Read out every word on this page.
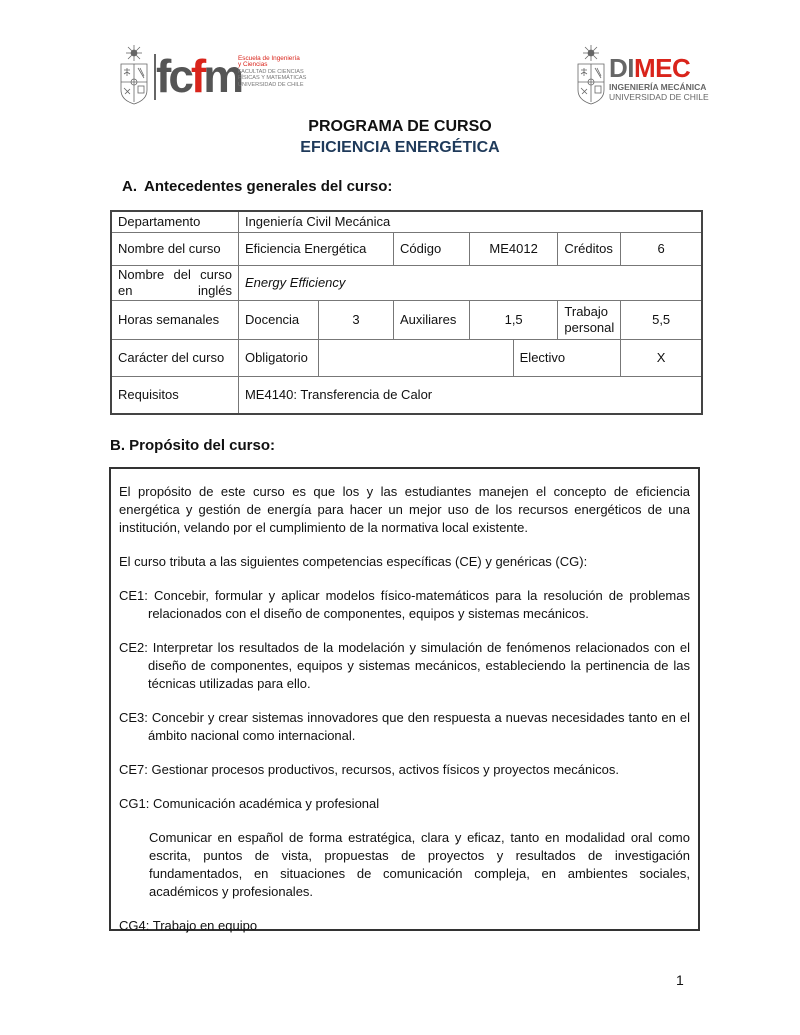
fcfm
Escuela de Ingeniería
y Ciencias
FACULTAD DE CIENCIAS
FÍSICAS Y MATEMÁTICAS
UNIVERSIDAD DE CHILE
DIMEC
INGENIERÍA MECÁNICA
UNIVERSIDAD DE CHILE
PROGRAMA DE CURSO
EFICIENCIA ENERGÉTICA
A. Antecedentes generales del curso:
Departamento	Ingeniería Civil Mecánica						
Nombre del curso	Eficiencia Energética		Código	ME4012		Créditos	6
Nombre del curso en inglés	Energy Efficiency						
Horas semanales	Docencia	3	Auxiliares	1,5		Trabajo personal	5,5
Carácter del curso	Obligatorio				Electivo		X
Requisitos	ME4140: Transferencia de Calor						
B. Propósito del curso:

El propósito de este curso es que los y las estudiantes manejen el concepto de eficiencia energética y gestión de energía para hacer un mejor uso de los recursos energéticos de una institución, velando por el cumplimiento de la normativa local existente.

El curso tributa a las siguientes competencias específicas (CE) y genéricas (CG):

CE1: Concebir, formular y aplicar modelos físico-matemáticos para la resolución de problemas relacionados con el diseño de componentes, equipos y sistemas mecánicos.

CE2: Interpretar los resultados de la modelación y simulación de fenómenos relacionados con el diseño de componentes, equipos y sistemas mecánicos, estableciendo la pertinencia de las técnicas utilizadas para ello.

CE3: Concebir y crear sistemas innovadores que den respuesta a nuevas necesidades tanto en el ámbito nacional como internacional.

CE7: Gestionar procesos productivos, recursos, activos físicos y proyectos mecánicos.

CG1: Comunicación académica y profesional

Comunicar en español de forma estratégica, clara y eficaz, tanto en modalidad oral como escrita, puntos de vista, propuestas de proyectos y resultados de investigación fundamentados, en situaciones de comunicación compleja, en ambientes sociales, académicos y profesionales.

CG4: Trabajo en equipo

1
